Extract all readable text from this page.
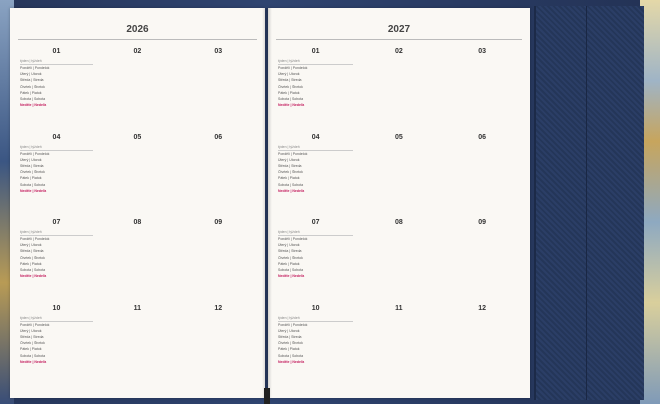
2026
01
týden | týždeň
Pondělí | Pondelok
Úterý | Utorok
Středa | Streda
Čtvrtek | Štvrtok
Pátek | Piatok
Sobota | Sobota
Neděle | Nedeľa
02	03
04
týden | týždeň
Pondělí | Pondelok
Úterý | Utorok
Středa | Streda
Čtvrtek | Štvrtok
Pátek | Piatok
Sobota | Sobota
Neděle | Nedeľa
05	06
07
týden | týždeň
Pondělí | Pondelok
Úterý | Utorok
Středa | Streda
Čtvrtek | Štvrtok
Pátek | Piatok
Sobota | Sobota
Neděle | Nedeľa
08	09
10
týden | týždeň
Pondělí | Pondelok
Úterý | Utorok
Středa | Streda
Čtvrtek | Štvrtok
Pátek | Piatok
Sobota | Sobota
Neděle | Nedeľa
11	12
2027
01
týden | týždeň
Pondělí | Pondelok
Úterý | Utorok
Středa | Streda
Čtvrtek | Štvrtok
Pátek | Piatok
Sobota | Sobota
Neděle | Nedeľa
02	03
04
týden | týždeň
Pondělí | Pondelok
Úterý | Utorok
Středa | Streda
Čtvrtek | Štvrtok
Pátek | Piatok
Sobota | Sobota
Neděle | Nedeľa
05	06
07
týden | týždeň
Pondělí | Pondelok
Úterý | Utorok
Středa | Streda
Čtvrtek | Štvrtok
Pátek | Piatok
Sobota | Sobota
Neděle | Nedeľa
08	09
10
týden | týždeň
Pondělí | Pondelok
Úterý | Utorok
Středa | Streda
Čtvrtek | Štvrtok
Pátek | Piatok
Sobota | Sobota
Neděle | Nedeľa
11	12
